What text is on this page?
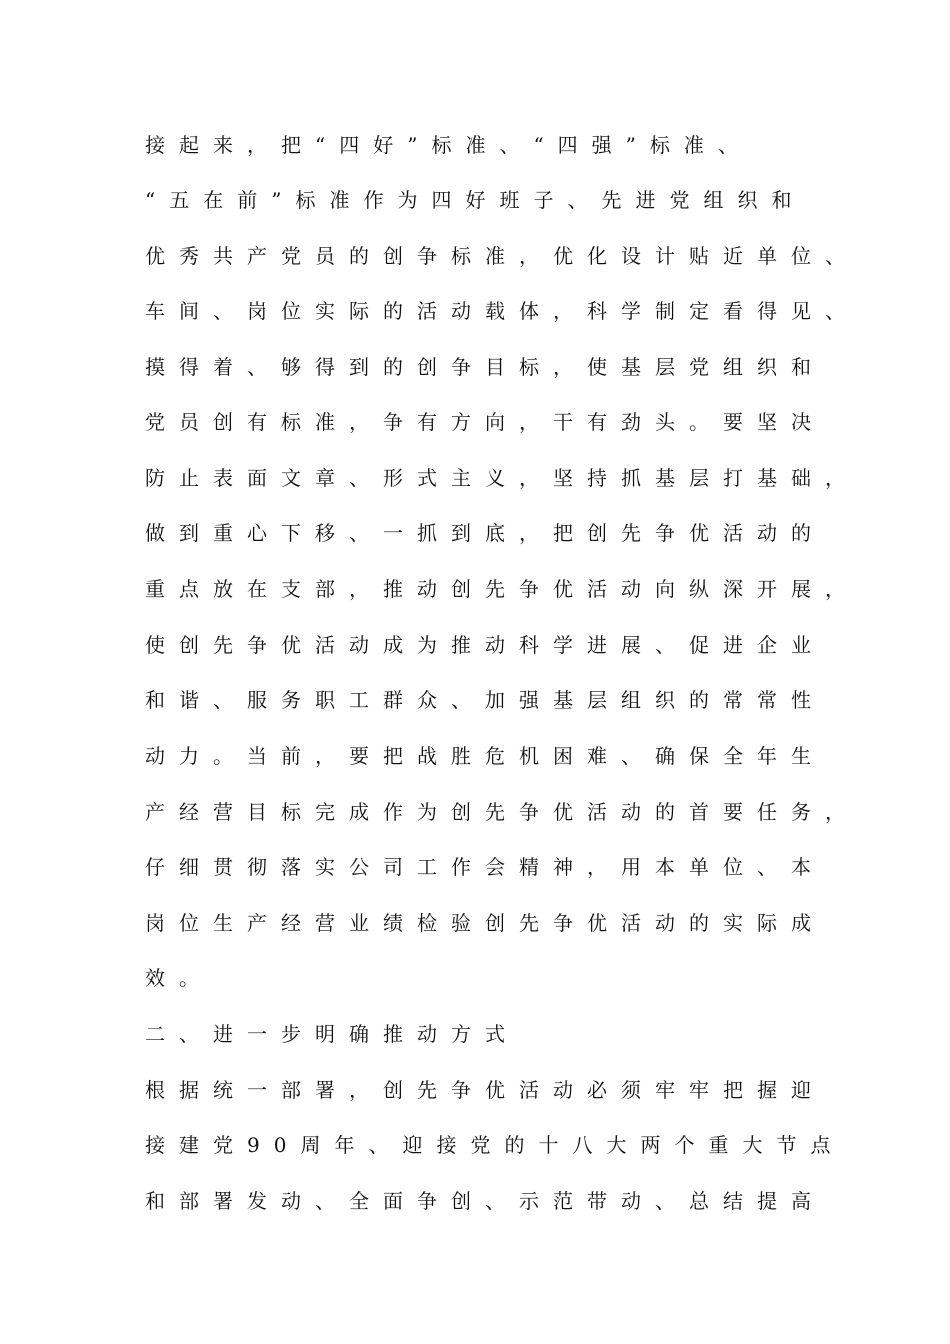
接起来，把“四好”标准、“四强”标准、
“五在前”标准作为四好班子、先进党组织和
优秀共产党员的创争标准，优化设计贴近单位、
车间、岗位实际的活动载体，科学制定看得见、
摸得着、够得到的创争目标，使基层党组织和
党员创有标准，争有方向，干有劲头。要坚决
防止表面文章、形式主义，坚持抓基层打基础，
做到重心下移、一抓到底，把创先争优活动的
重点放在支部，推动创先争优活动向纵深开展，
使创先争优活动成为推动科学进展、促进企业
和谐、服务职工群众、加强基层组织的常常性
动力。当前，要把战胜危机困难、确保全年生
产经营目标完成作为创先争优活动的首要任务，
仔细贯彻落实公司工作会精神，用本单位、本
岗位生产经营业绩检验创先争优活动的实际成
效。
二、进一步明确推动方式
根据统一部署，创先争优活动必须牢牢把握迎
接建党90周年、迎接党的十八大两个重大节点
和部署发动、全面争创、示范带动、总结提高
